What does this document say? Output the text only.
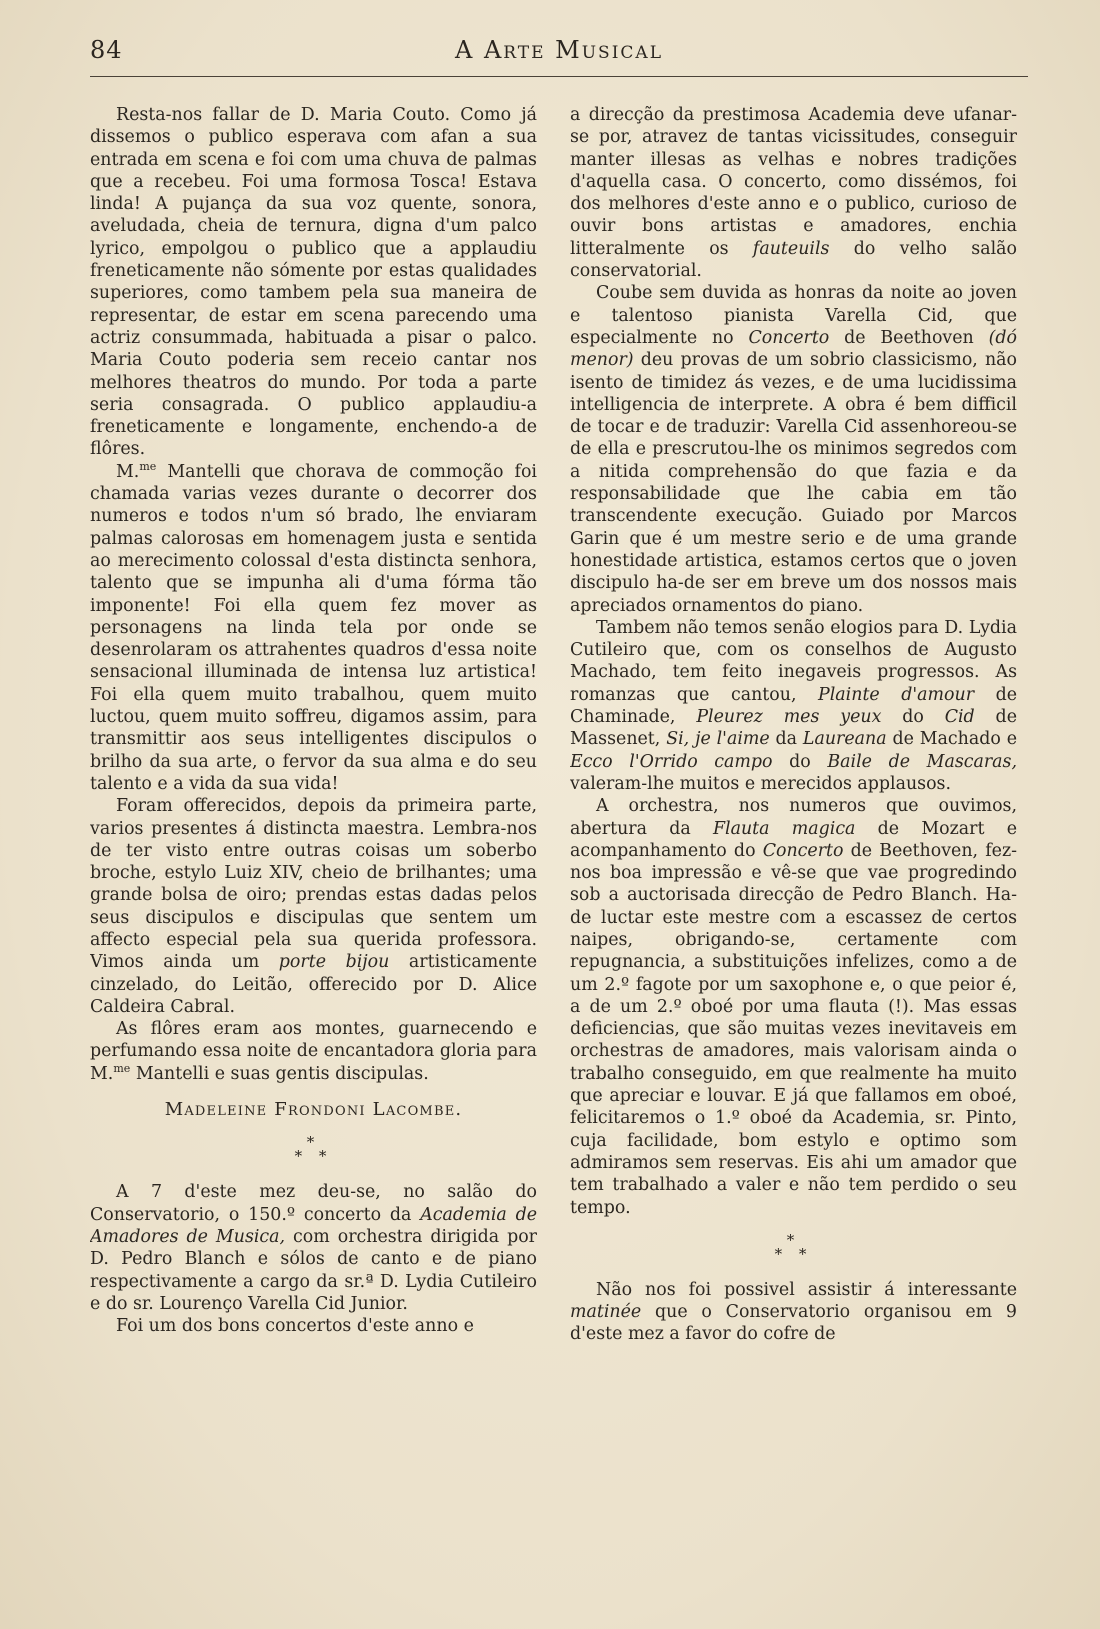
84	A Arte Musical

Resta-nos fallar de D. Maria Couto. Como já dissemos o publico esperava com afan a sua entrada em scena e foi com uma chuva de palmas que a recebeu. Foi uma formosa Tosca! Estava linda! A pujança da sua voz quente, sonora, aveludada, cheia de ternura, digna d'um palco lyrico, empolgou o publico que a applaudiu freneticamente não sómente por estas qualidades superiores, como tambem pela sua maneira de representar, de estar em scena parecendo uma actriz consummada, habituada a pisar o palco. Maria Couto poderia sem receio cantar nos melhores theatros do mundo. Por toda a parte seria consagrada. O publico applaudiu-a freneticamente e longamente, enchendo-a de flôres.

M.$^{me}$ Mantelli que chorava de commoção foi chamada varias vezes durante o decorrer dos numeros e todos n'um só brado, lhe enviaram palmas calorosas em homenagem justa e sentida ao merecimento colossal d'esta distincta senhora, talento que se impunha ali d'uma fórma tão imponente! Foi ella quem fez mover as personagens na linda tela por onde se desenrolaram os attrahentes quadros d'essa noite sensacional illuminada de intensa luz artistica! Foi ella quem muito trabalhou, quem muito luctou, quem muito soffreu, digamos assim, para transmittir aos seus intelligentes discipulos o brilho da sua arte, o fervor da sua alma e do seu talento e a vida da sua vida!

Foram offerecidos, depois da primeira parte, varios presentes á distincta maestra. Lembra-nos de ter visto entre outras coisas um soberbo broche, estylo Luiz XIV, cheio de brilhantes; uma grande bolsa de oiro; prendas estas dadas pelos seus discipulos e discipulas que sentem um affecto especial pela sua querida professora. Vimos ainda um porte bijou artisticamente cinzelado, do Leitão, offerecido por D. Alice Caldeira Cabral.

As flôres eram aos montes, guarnecendo e perfumando essa noite de encantadora gloria para M.$^{me}$ Mantelli e suas gentis discipulas.

Madeleine Frondoni Lacombe.

*
* *

A 7 d'este mez deu-se, no salão do Conservatorio, o 150.º concerto da Academia de Amadores de Musica, com orchestra dirigida por D. Pedro Blanch e sólos de canto e de piano respectivamente a cargo da sr.ª D. Lydia Cutileiro e do sr. Lourenço Varella Cid Junior.

Foi um dos bons concertos d'este anno e

a direcção da prestimosa Academia deve ufanar-se por, atravez de tantas vicissitudes, conseguir manter illesas as velhas e nobres tradições d'aquella casa. O concerto, como dissémos, foi dos melhores d'este anno e o publico, curioso de ouvir bons artistas e amadores, enchia litteralmente os fauteuils do velho salão conservatorial.

Coube sem duvida as honras da noite ao joven e talentoso pianista Varella Cid, que especialmente no Concerto de Beethoven (dó menor) deu provas de um sobrio classicismo, não isento de timidez ás vezes, e de uma lucidissima intelligencia de interprete. A obra é bem difficil de tocar e de traduzir: Varella Cid assenhoreou-se de ella e prescrutou-lhe os minimos segredos com a nitida comprehensão do que fazia e da responsabilidade que lhe cabia em tão transcendente execução. Guiado por Marcos Garin que é um mestre serio e de uma grande honestidade artistica, estamos certos que o joven discipulo ha-de ser em breve um dos nossos mais apreciados ornamentos do piano.

Tambem não temos senão elogios para D. Lydia Cutileiro que, com os conselhos de Augusto Machado, tem feito inegaveis progressos. As romanzas que cantou, Plainte d'amour de Chaminade, Pleurez mes yeux do Cid de Massenet, Si, je l'aime da Laureana de Machado e Ecco l'Orrido campo do Baile de Mascaras, valeram-lhe muitos e merecidos applausos.

A orchestra, nos numeros que ouvimos, abertura da Flauta magica de Mozart e acompanhamento do Concerto de Beethoven, fez-nos boa impressão e vê-se que vae progredindo sob a auctorisada direcção de Pedro Blanch. Ha-de luctar este mestre com a escassez de certos naipes, obrigando-se, certamente com repugnancia, a substituições infelizes, como a de um 2.º fagote por um saxophone e, o que peior é, a de um 2.º oboé por uma flauta (!). Mas essas deficiencias, que são muitas vezes inevitaveis em orchestras de amadores, mais valorisam ainda o trabalho conseguido, em que realmente ha muito que apreciar e louvar. E já que fallamos em oboé, felicitaremos o 1.º oboé da Academia, sr. Pinto, cuja facilidade, bom estylo e optimo som admiramos sem reservas. Eis ahi um amador que tem trabalhado a valer e não tem perdido o seu tempo.

*
* *

Não nos foi possivel assistir á interessante matinée que o Conservatorio organisou em 9 d'este mez a favor do cofre de
